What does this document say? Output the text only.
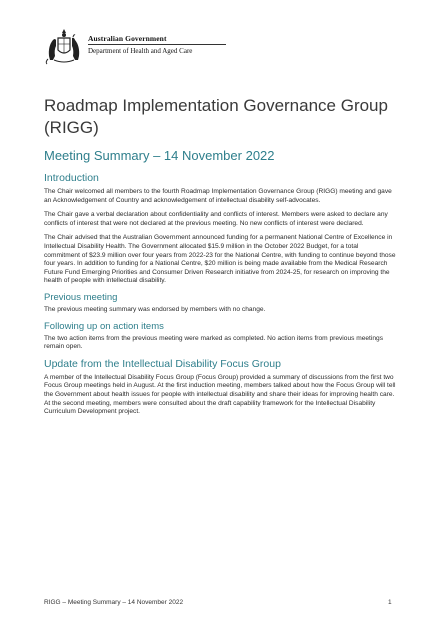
Australian Government
Department of Health and Aged Care
Roadmap Implementation Governance Group (RIGG)
Meeting Summary – 14 November 2022
Introduction

The Chair welcomed all members to the fourth Roadmap Implementation Governance Group (RIGG) meeting and gave an Acknowledgement of Country and acknowledgement of intellectual disability self-advocates.

The Chair gave a verbal declaration about confidentiality and conflicts of interest. Members were asked to declare any conflicts of interest that were not declared at the previous meeting. No new conflicts of interest were declared.

The Chair advised that the Australian Government announced funding for a permanent National Centre of Excellence in Intellectual Disability Health. The Government allocated $15.9 million in the October 2022 Budget, for a total commitment of $23.9 million over four years from 2022-23 for the National Centre, with funding to continue beyond those four years. In addition to funding for a National Centre, $20 million is being made available from the Medical Research Future Fund Emerging Priorities and Consumer Driven Research initiative from 2024-25, for research on improving the health of people with intellectual disability.

Previous meeting

The previous meeting summary was endorsed by members with no change.

Following up on action items

The two action items from the previous meeting were marked as completed. No action items from previous meetings remain open.

Update from the Intellectual Disability Focus Group

A member of the Intellectual Disability Focus Group (Focus Group) provided a summary of discussions from the first two Focus Group meetings held in August. At the first induction meeting, members talked about how the Focus Group will tell the Government about health issues for people with intellectual disability and share their ideas for improving health care. At the second meeting, members were consulted about the draft capability framework for the Intellectual Disability Curriculum Development project.

RIGG – Meeting Summary – 14 November 2022	1
